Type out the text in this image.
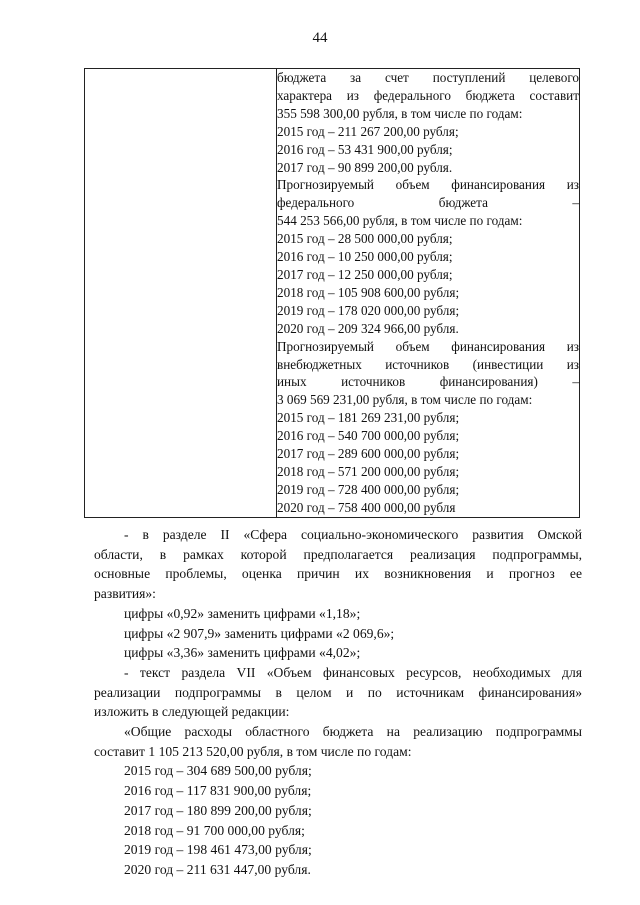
44

бюджета за счет поступлений целевого
характера из федерального бюджета составит
355 598 300,00 рубля, в том числе по годам:
2015 год – 211 267 200,00 рубля;
2016 год – 53 431 900,00 рубля;
2017 год – 90 899 200,00 рубля.
Прогнозируемый объем финансирования из
федерального бюджета –
544 253 566,00 рубля, в том числе по годам:
2015 год – 28 500 000,00 рубля;
2016 год – 10 250 000,00 рубля;
2017 год – 12 250 000,00 рубля;
2018 год – 105 908 600,00 рубля;
2019 год – 178 020 000,00 рубля;
2020 год – 209 324 966,00 рубля.
Прогнозируемый объем финансирования из
внебюджетных источников (инвестиции из
иных источников финансирования) –
3 069 569 231,00 рубля, в том числе по годам:
2015 год – 181 269 231,00 рубля;
2016 год – 540 700 000,00 рубля;
2017 год – 289 600 000,00 рубля;
2018 год – 571 200 000,00 рубля;
2019 год – 728 400 000,00 рубля;
2020 год – 758 400 000,00 рубля
- в разделе II «Сфера социально-экономического развития Омской
области, в рамках которой предполагается реализация подпрограммы,
основные проблемы, оценка причин их возникновения и прогноз ее
развития»:
цифры «0,92» заменить цифрами «1,18»;
цифры «2 907,9» заменить цифрами «2 069,6»;
цифры «3,36» заменить цифрами «4,02»;
- текст раздела VII «Объем финансовых ресурсов, необходимых для
реализации подпрограммы в целом и по источникам финансирования»
изложить в следующей редакции:
«Общие расходы областного бюджета на реализацию подпрограммы
составит 1 105 213 520,00 рубля, в том числе по годам:
2015 год – 304 689 500,00 рубля;
2016 год – 117 831 900,00 рубля;
2017 год – 180 899 200,00 рубля;
2018 год – 91 700 000,00 рубля;
2019 год – 198 461 473,00 рубля;
2020 год – 211 631 447,00 рубля.
